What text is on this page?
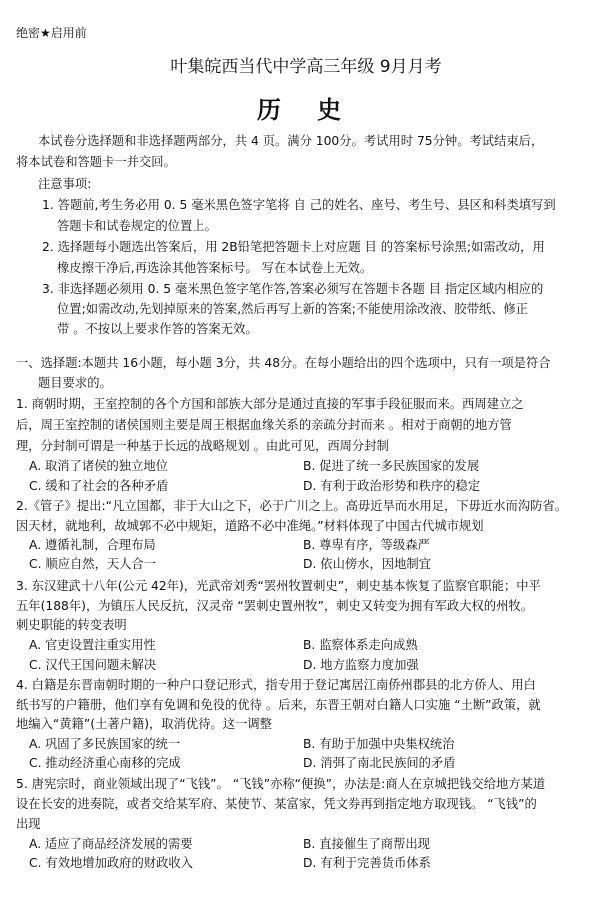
绝密★启用前
叶集皖西当代中学高三年级 9月月考
历 史
本试卷分选择题和非选择题两部分，共 4 页。满分 100分。考试用时 75分钟。考试结束后，
将本试卷和答题卡一并交回。
注意事项:
1. 答题前,考生务必用 0. 5 毫米黑色签字笔将 自 己的姓名、座号、考生号、县区和科类填写到
答题卡和试卷规定的位置上。
2. 选择题每小题选出答案后，用 2B铅笔把答题卡上对应题 目 的答案标号涂黑;如需改动，用
橡皮擦干净后,再选涂其他答案标号。 写在本试卷上无效。
3. 非选择题必须用 0. 5 毫米黑色签字笔作答,答案必须写在答题卡各题 目 指定区域内相应的
位置;如需改动,先划掉原来的答案,然后再写上新的答案;不能使用涂改液、胶带纸、修正
带 。不按以上要求作答的答案无效。
一、选择题:本题共 16小题，每小题 3分，共 48分。在每小题给出的四个选项中，只有一项是符合
题目要求的。
1. 商朝时期，王室控制的各个方国和部族大部分是通过直接的军事手段征服而来。西周建立之
后，周王室控制的诸侯国则主要是周王根据血缘关系的亲疏分封而来 。相对于商朝的地方管
理，分封制可谓是一种基于长远的战略规划 。由此可见，西周分封制
A. 取消了诸侯的独立地位	B. 促进了统一多民族国家的发展
C. 缓和了社会的各种矛盾	D. 有利于政治形势和秩序的稳定
2.《管子》提出:“凡立国都，非于大山之下，必于广川之上。高毋近旱而水用足，下毋近水而沟防省。
因天材，就地利，故城郭不必中规矩，道路不必中准绳。”材料体现了中国古代城市规划
A. 遵循礼制，合理布局	B. 尊卑有序，等级森严
C. 顺应自然，天人合一	D. 依山傍水，因地制宜
3. 东汉建武十八年(公元 42年)，光武帝刘秀“罢州牧置刺史”，刺史基本恢复了监察官职能；中平
五年(188年)，为镇压人民反抗，汉灵帝 “罢刺史置州牧”，刺史又转变为拥有军政大权的州牧。
刺史职能的转变表明
A. 官吏设置注重实用性	B. 监察体系走向成熟
C. 汉代王国问题未解决	D. 地方监察力度加强
4. 白籍是东晋南朝时期的一种户口登记形式，指专用于登记寓居江南侨州郡县的北方侨人、用白
纸书写的户籍册，他们享有免调和免役的优待 。后来，东晋王朝对白籍人口实施 “土断”政策，就
地编入“黄籍”(土著户籍)，取消优待。这一调整
A. 巩固了多民族国家的统一	B. 有助于加强中央集权统治
C. 推动经济重心南移的完成	D. 消弭了南北民族间的矛盾
5. 唐宪宗时，商业领域出现了“飞钱”。 “飞钱”亦称“便换”，办法是:商人在京城把钱交给地方某道
设在长安的进奏院，或者交给某军府、某使节、某富家，凭文券再到指定地方取现钱。 “飞钱”的
出现
A. 适应了商品经济发展的需要	B. 直接催生了商帮出现
C. 有效地增加政府的财政收入	D. 有利于完善货币体系
